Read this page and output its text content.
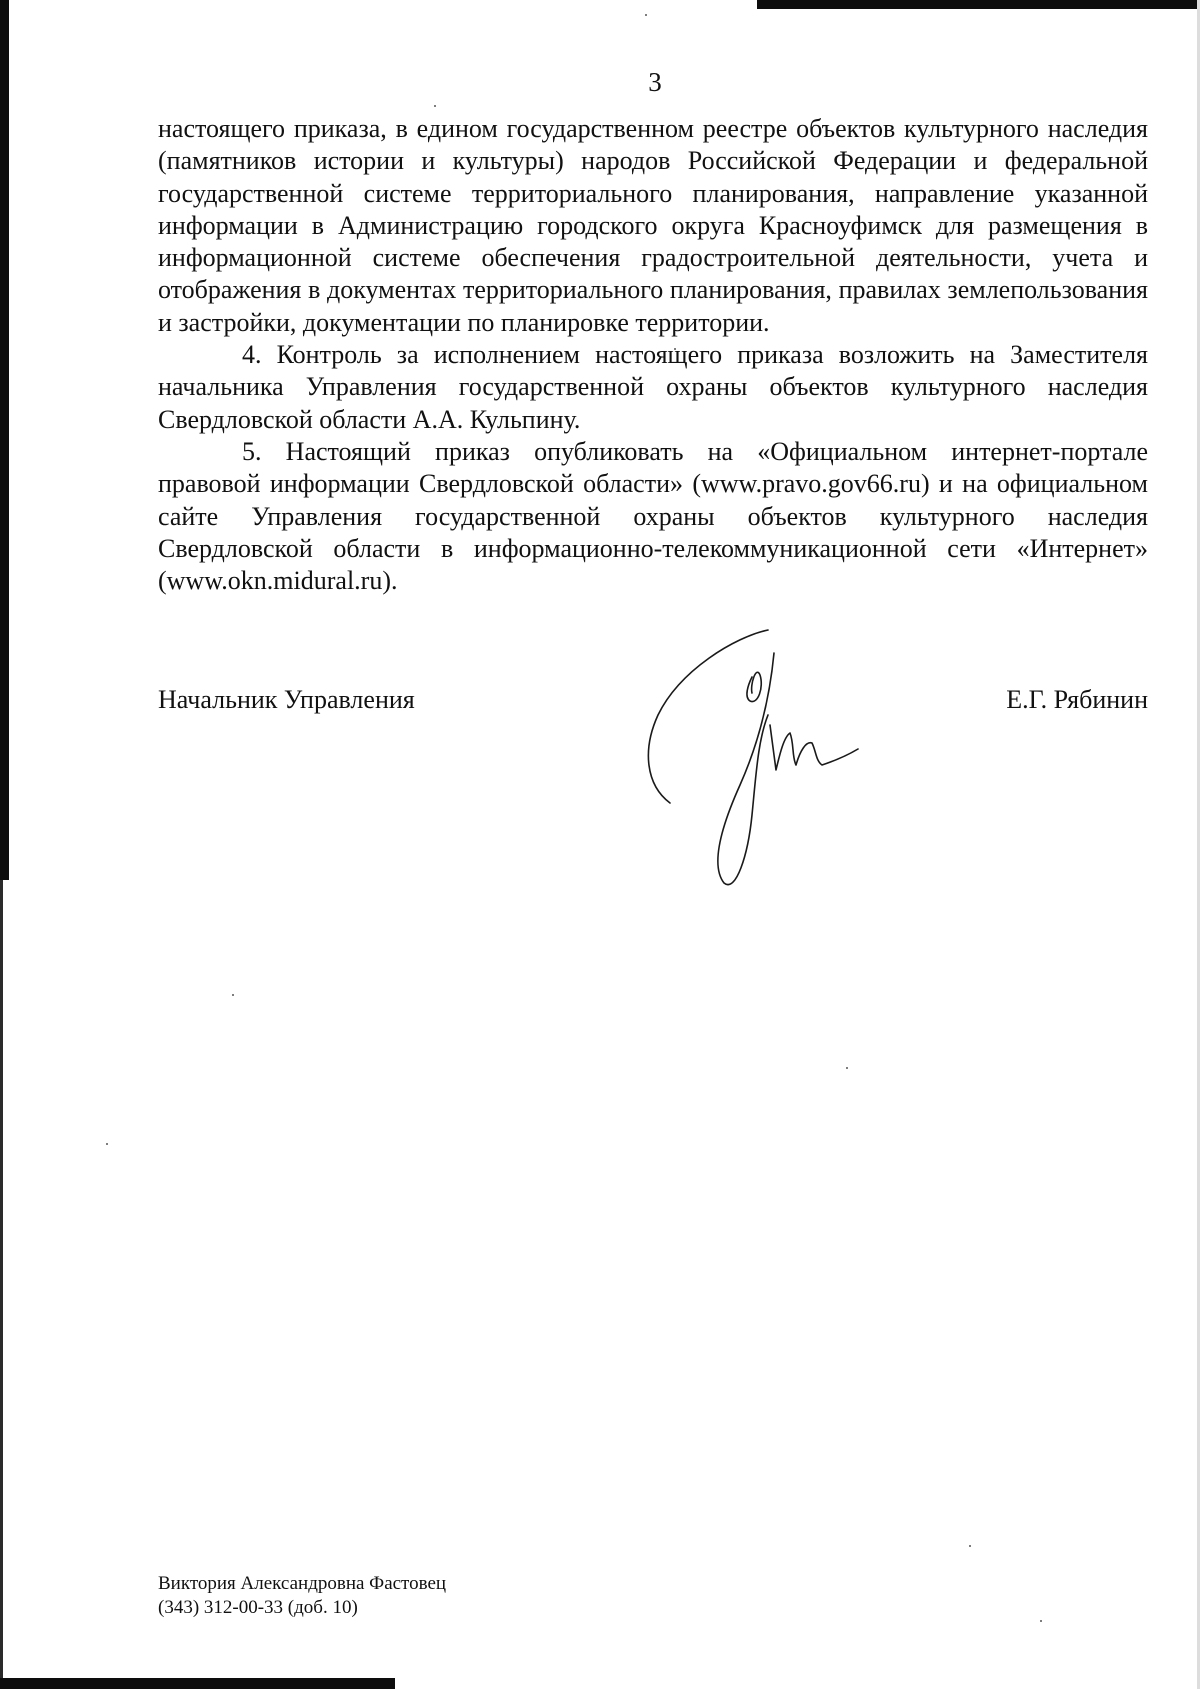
3

настоящего приказа, в едином государственном реестре объектов культурного наследия (памятников истории и культуры) народов Российской Федерации и федеральной государственной системе территориального планирования, направление указанной информации в Администрацию городского округа Красноуфимск для размещения в информационной системе обеспечения градостроительной деятельности, учета и отображения в документах территориального планирования, правилах землепользования и застройки, документации по планировке территории.

4. Контроль за исполнением настоящего приказа возложить на Заместителя начальника Управления государственной охраны объектов культурного наследия Свердловской области А.А. Кульпину.

5. Настоящий приказ опубликовать на «Официальном интернет-портале правовой информации Свердловской области» (www.pravo.gov66.ru) и на официальном сайте Управления государственной охраны объектов культурного наследия Свердловской области в информационно-телекоммуникационной сети «Интернет» (www.okn.midural.ru).

Начальник Управления	Е.Г. Рябинин
Виктория Александровна Фастовец
(343) 312-00-33 (доб. 10)
